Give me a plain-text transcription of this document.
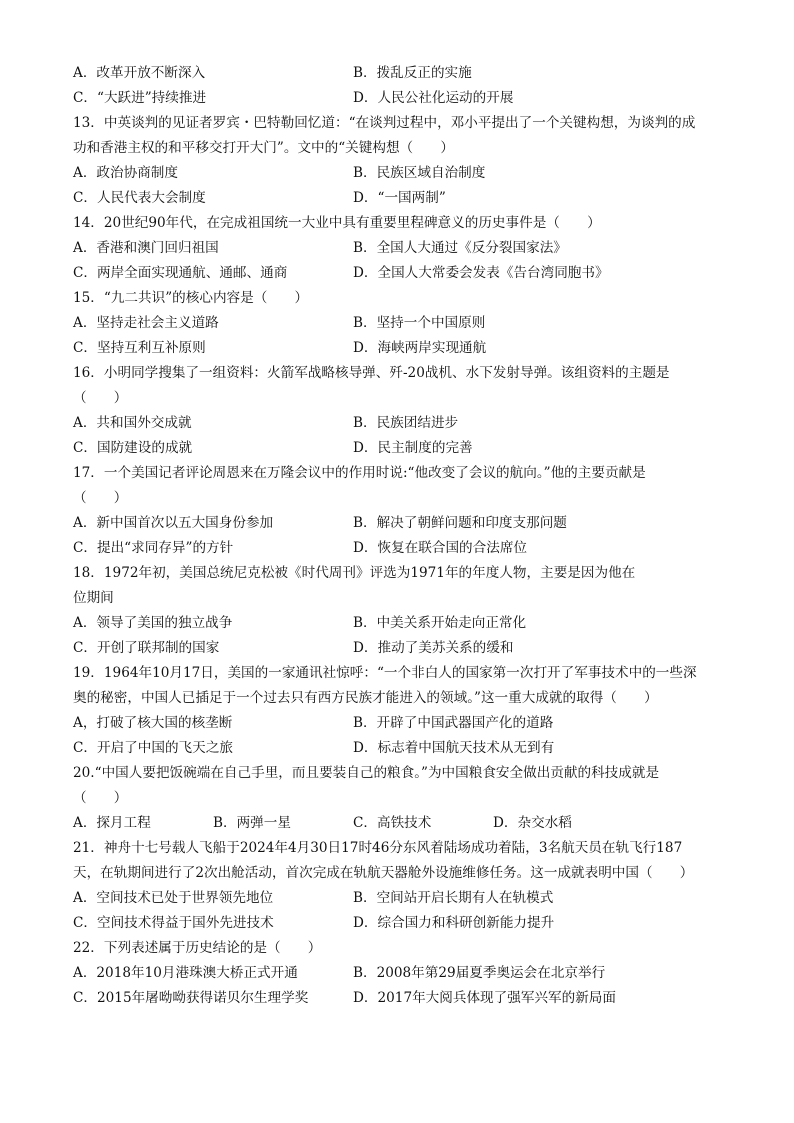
A．改革开放不断深入	B．拨乱反正的实施
C．“大跃进”持续推进	D．人民公社化运动的开展
13．中英谈判的见证者罗宾・巴特勒回忆道：“在谈判过程中，邓小平提出了一个关键构想，为谈判的成
功和香港主权的和平移交打开大门”。文中的“关键构想（　　）
A．政治协商制度	B．民族区域自治制度
C．人民代表大会制度	D．“一国两制”
14．20世纪90年代，在完成祖国统一大业中具有重要里程碑意义的历史事件是（　　）
A．香港和澳门回归祖国	B．全国人大通过《反分裂国家法》
C．两岸全面实现通航、通邮、通商	D．全国人大常委会发表《告台湾同胞书》
15．“九二共识”的核心内容是（　　）
A．坚持走社会主义道路	B．坚持一个中国原则
C．坚持互利互补原则	D．海峡两岸实现通航
16．小明同学搜集了一组资料：火箭军战略核导弹、歼-20战机、水下发射导弹。该组资料的主题是
（　　）
A．共和国外交成就	B．民族团结进步
C．国防建设的成就	D．民主制度的完善
17．一个美国记者评论周恩来在万隆会议中的作用时说:“他改变了会议的航向。”他的主要贡献是
（　　）
A．新中国首次以五大国身份参加	B．解决了朝鲜问题和印度支那问题
C．提出“求同存异”的方针	D．恢复在联合国的合法席位
18．1972年初，美国总统尼克松被《时代周刊》评选为1971年的年度人物，主要是因为他在
位期间
A．领导了美国的独立战争	B．中美关系开始走向正常化
C．开创了联邦制的国家	D．推动了美苏关系的缓和
19．1964年10月17日，美国的一家通讯社惊呼：“一个非白人的国家第一次打开了军事技术中的一些深
奥的秘密，中国人已插足于一个过去只有西方民族才能进入的领域。”这一重大成就的取得（　　）
A，打破了核大国的核垄断	B．开辟了中国武器国产化的道路
C．开启了中国的飞天之旅	D．标志着中国航天技术从无到有
20.“中国人要把饭碗端在自己手里，而且要装自己的粮食。”为中国粮食安全做出贡献的科技成就是
（　　）
A．探月工程	B．两弹一星	C．高铁技术	D．杂交水稻
21．神舟十七号载人飞船于2024年4月30日17时46分东风着陆场成功着陆，3名航天员在轨飞行187
天，在轨期间进行了2次出舱活动，首次完成在轨航天器舱外设施维修任务。这一成就表明中国（　　）
A．空间技术已处于世界领先地位	B．空间站开启长期有人在轨模式
C．空间技术得益于国外先进技术	D．综合国力和科研创新能力提升
22．下列表述属于历史结论的是（　　）
A．2018年10月港珠澳大桥正式开通	B．2008年第29届夏季奥运会在北京举行
C．2015年屠呦呦获得诺贝尔生理学奖	D．2017年大阅兵体现了强军兴军的新局面
